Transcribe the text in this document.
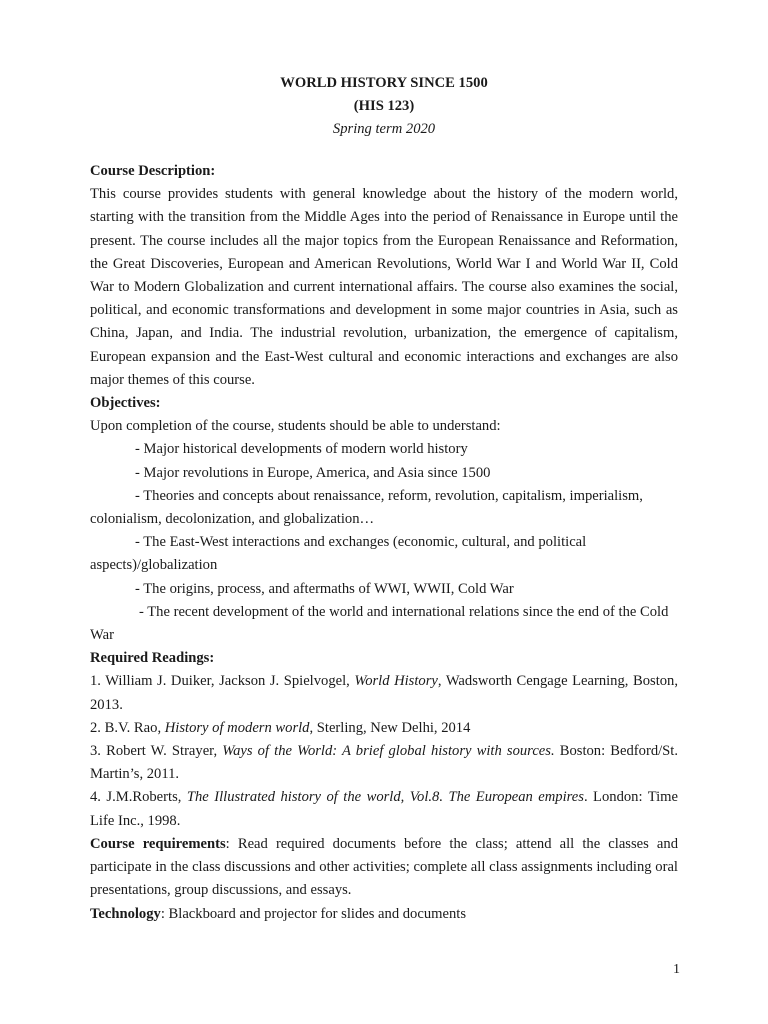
WORLD HISTORY SINCE 1500
(HIS 123)
Spring term 2020

Course Description:

This course provides students with general knowledge about the history of the modern world, starting with the transition from the Middle Ages into the period of Renaissance in Europe until the present. The course includes all the major topics from the European Renaissance and Reformation, the Great Discoveries, European and American Revolutions, World War I and World War II, Cold War to Modern Globalization and current international affairs. The course also examines the social, political, and economic transformations and development in some major countries in Asia, such as China, Japan, and India. The industrial revolution, urbanization, the emergence of capitalism, European expansion and the East-West cultural and economic interactions and exchanges are also major themes of this course.

Objectives:

Upon completion of the course, students should be able to understand:

- Major historical developments of modern world history

- Major revolutions in Europe, America, and Asia since 1500

- Theories and concepts about renaissance, reform, revolution, capitalism, imperialism, colonialism, decolonization, and globalization…

- The East-West interactions and exchanges (economic, cultural, and political aspects)/globalization

- The origins, process, and aftermaths of WWI, WWII, Cold War

- The recent development of the world and international relations since the end of the Cold War

Required Readings:

1. William J. Duiker, Jackson J. Spielvogel, World History, Wadsworth Cengage Learning, Boston, 2013.

2. B.V. Rao, History of modern world, Sterling, New Delhi, 2014

3. Robert W. Strayer, Ways of the World: A brief global history with sources. Boston: Bedford/St. Martin’s, 2011.

4. J.M.Roberts, The Illustrated history of the world, Vol.8. The European empires. London: Time Life Inc., 1998.

Course requirements: Read required documents before the class; attend all the classes and participate in the class discussions and other activities; complete all class assignments including oral presentations, group discussions, and essays.

Technology: Blackboard and projector for slides and documents

1
